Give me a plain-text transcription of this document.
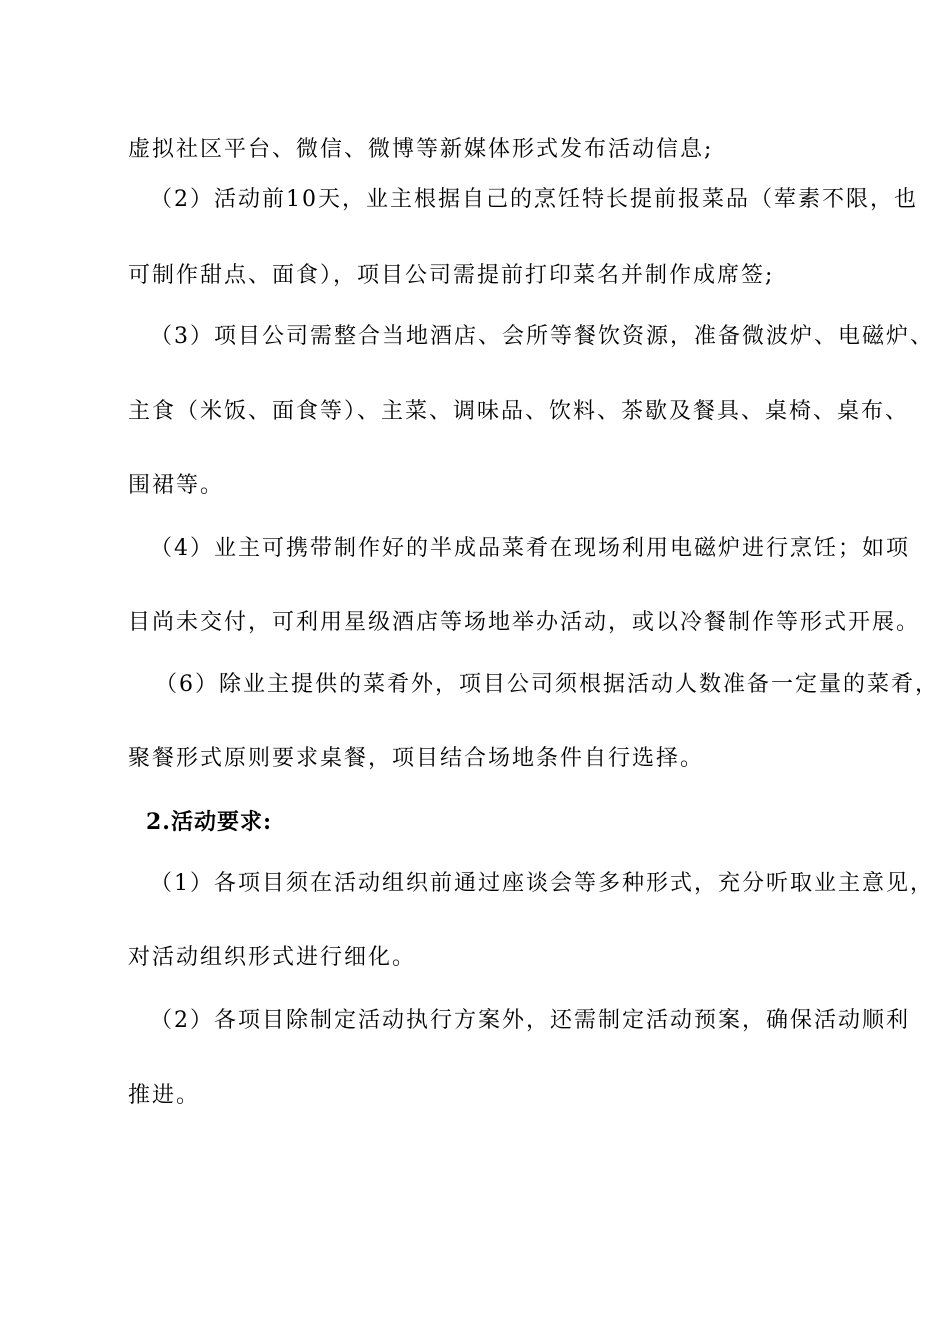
虚拟社区平台、微信、微博等新媒体形式发布活动信息;
（2）活动前10天，业主根据自己的烹饪特长提前报菜品（荤素不限，也
可制作甜点、面食），项目公司需提前打印菜名并制作成席签;
（3）项目公司需整合当地酒店、会所等餐饮资源，准备微波炉、电磁炉、
主食（米饭、面食等）、主菜、调味品、饮料、茶歇及餐具、桌椅、桌布、
围裙等。
（4）业主可携带制作好的半成品菜肴在现场利用电磁炉进行烹饪；如项
目尚未交付，可利用星级酒店等场地举办活动，或以冷餐制作等形式开展。
（6）除业主提供的菜肴外，项目公司须根据活动人数准备一定量的菜肴，
聚餐形式原则要求桌餐，项目结合场地条件自行选择。
2.活动要求:
（1）各项目须在活动组织前通过座谈会等多种形式，充分听取业主意见，
对活动组织形式进行细化。
（2）各项目除制定活动执行方案外，还需制定活动预案，确保活动顺利
推进。
